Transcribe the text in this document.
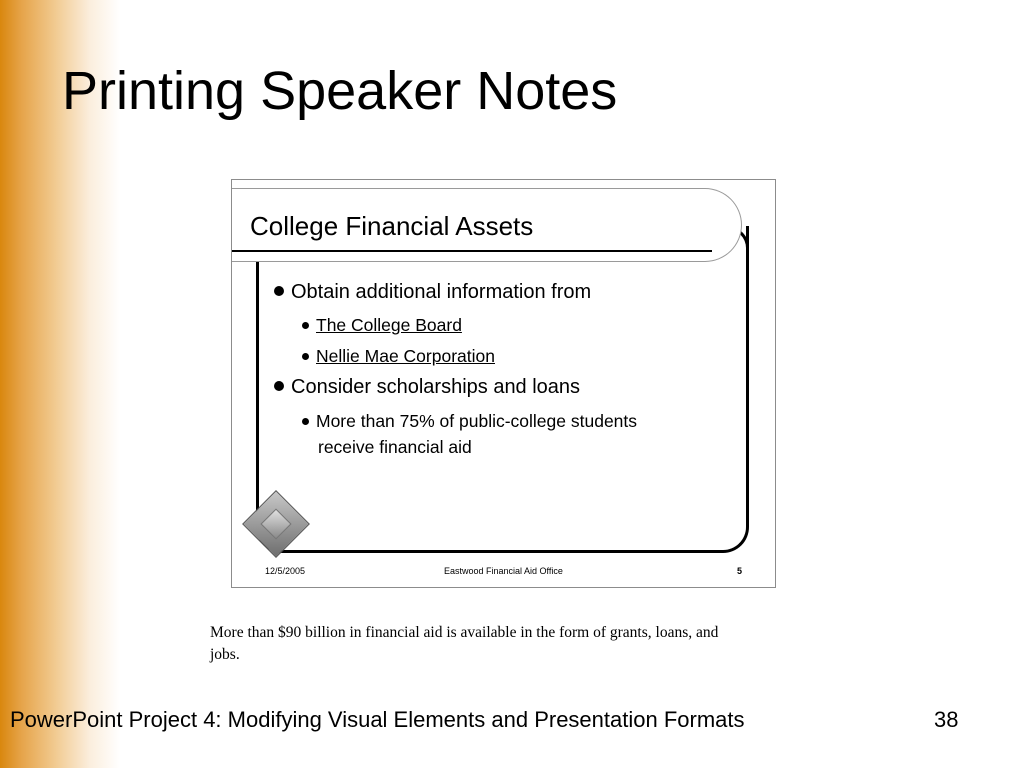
Printing Speaker Notes
College Financial Assets
Obtain additional information from
The College Board
Nellie Mae Corporation
Consider scholarships and loans
More than 75% of public-college students
receive financial aid
12/5/2005	Eastwood Financial Aid Office	5
More than $90 billion in financial aid is available in the form of grants, loans, and
jobs.
PowerPoint Project 4: Modifying Visual Elements and Presentation Formats	38
